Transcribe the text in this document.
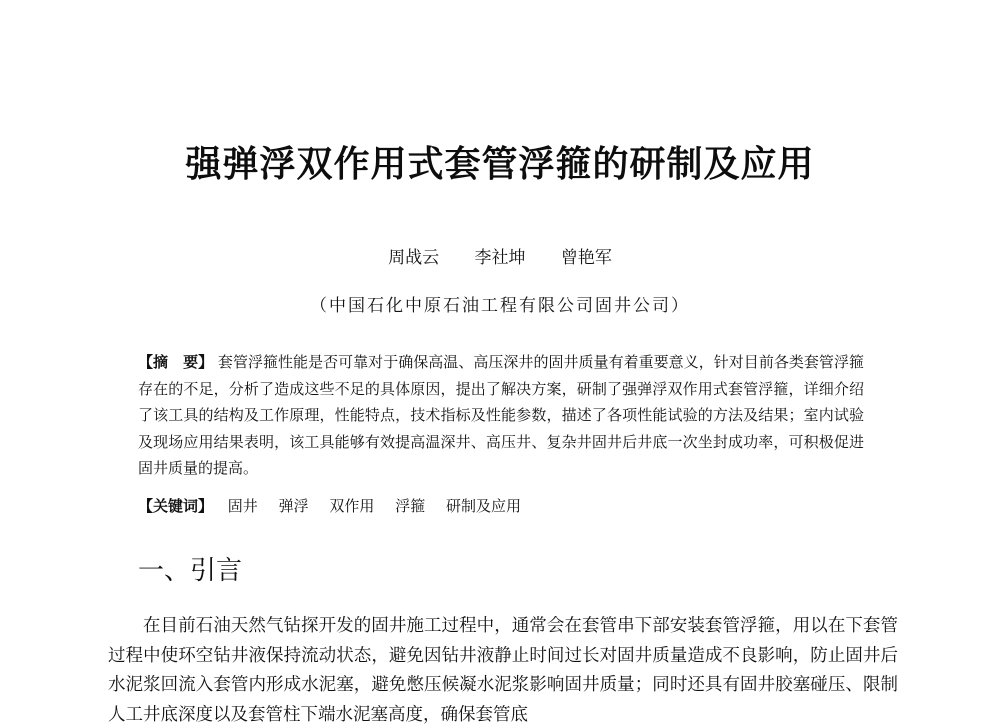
强弹浮双作用式套管浮箍的研制及应用
周战云 李社坤 曾艳军
（中国石化中原石油工程有限公司固井公司）
【摘　要】 套管浮箍性能是否可靠对于确保高温、高压深井的固井质量有着重要意义，针对目前各类套管浮箍存在的不足，分析了造成这些不足的具体原因，提出了解决方案，研制了强弹浮双作用式套管浮箍，详细介绍了该工具的结构及工作原理，性能特点，技术指标及性能参数，描述了各项性能试验的方法及结果；室内试验及现场应用结果表明，该工具能够有效提高温深井、高压井、复杂井固井后井底一次坐封成功率，可积极促进固井质量的提高。
【关键词】 固井 弹浮 双作用 浮箍 研制及应用
一、引言

在目前石油天然气钻探开发的固井施工过程中，通常会在套管串下部安装套管浮箍，用以在下套管过程中使环空钻井液保持流动状态，避免因钻井液静止时间过长对固井质量造成不良影响，防止固井后水泥浆回流入套管内形成水泥塞，避免憋压候凝水泥浆影响固井质量；同时还具有固井胶塞碰压、限制人工井底深度以及套管柱下端水泥塞高度，确保套管底
